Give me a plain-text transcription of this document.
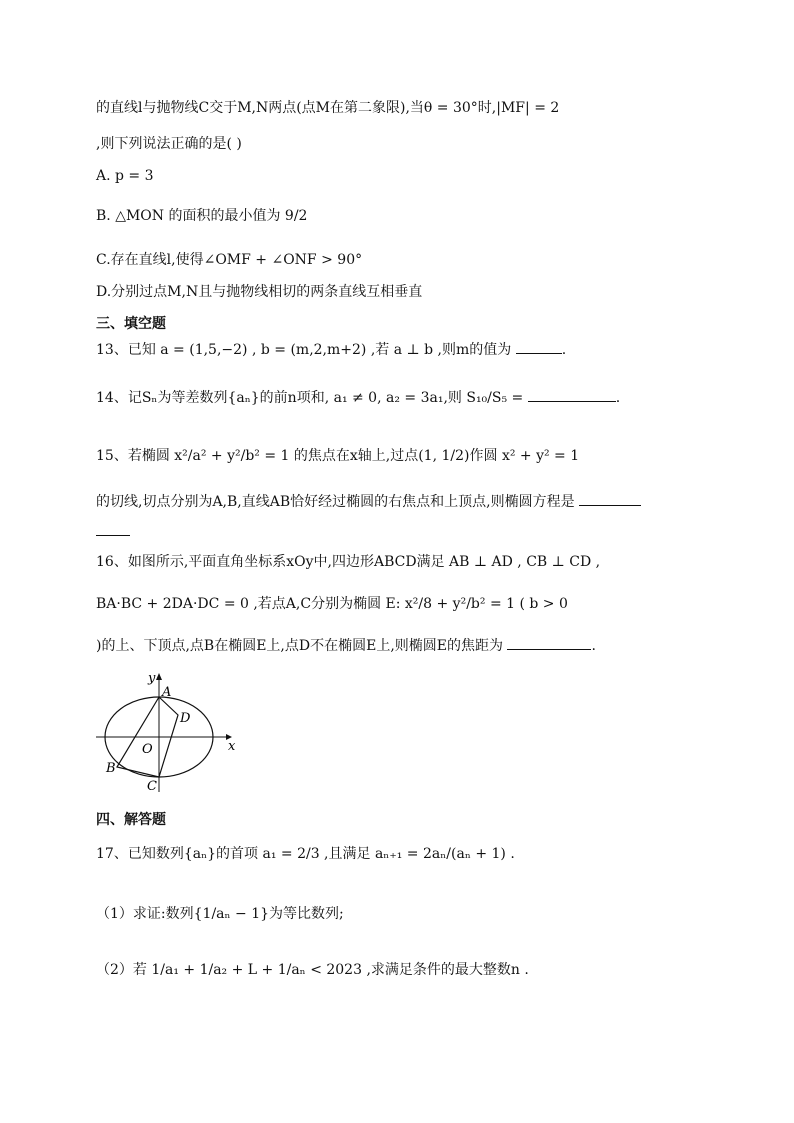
的直线l与抛物线C交于M,N两点(点M在第二象限),当θ = 30°时,|MF| = 2
,则下列说法正确的是( )
A. p = 3
B. △MON 的面积的最小值为 9/2
C.存在直线l,使得∠OMF + ∠ONF > 90°
D.分别过点M,N且与抛物线相切的两条直线互相垂直
三、填空题
13、已知 a = (1,5,−2) , b = (m,2,m+2) ,若 a ⊥ b ,则m的值为	.
14、记Sₙ为等差数列{aₙ}的前n项和, a₁ ≠ 0, a₂ = 3a₁,则 S₁₀/S₅ =	.
15、若椭圆 x²/a² + y²/b² = 1 的焦点在x轴上,过点(1, 1/2)作圆 x² + y² = 1
的切线,切点分别为A,B,直线AB恰好经过椭圆的右焦点和上顶点,则椭圆方程是
16、如图所示,平面直角坐标系xOy中,四边形ABCD满足 AB ⊥ AD , CB ⊥ CD ,
BA·BC + 2DA·DC = 0 ,若点A,C分别为椭圆 E: x²/8 + y²/b² = 1 ( b > 0
)的上、下顶点,点B在椭圆E上,点D不在椭圆E上,则椭圆E的焦距为	.
y
x
A
B
C
D
O
四、解答题
17、已知数列{aₙ}的首项 a₁ = 2/3 ,且满足 aₙ₊₁ = 2aₙ/(aₙ + 1) .
（1）求证:数列{1/aₙ − 1}为等比数列;
（2）若 1/a₁ + 1/a₂ + L + 1/aₙ < 2023 ,求满足条件的最大整数n .
